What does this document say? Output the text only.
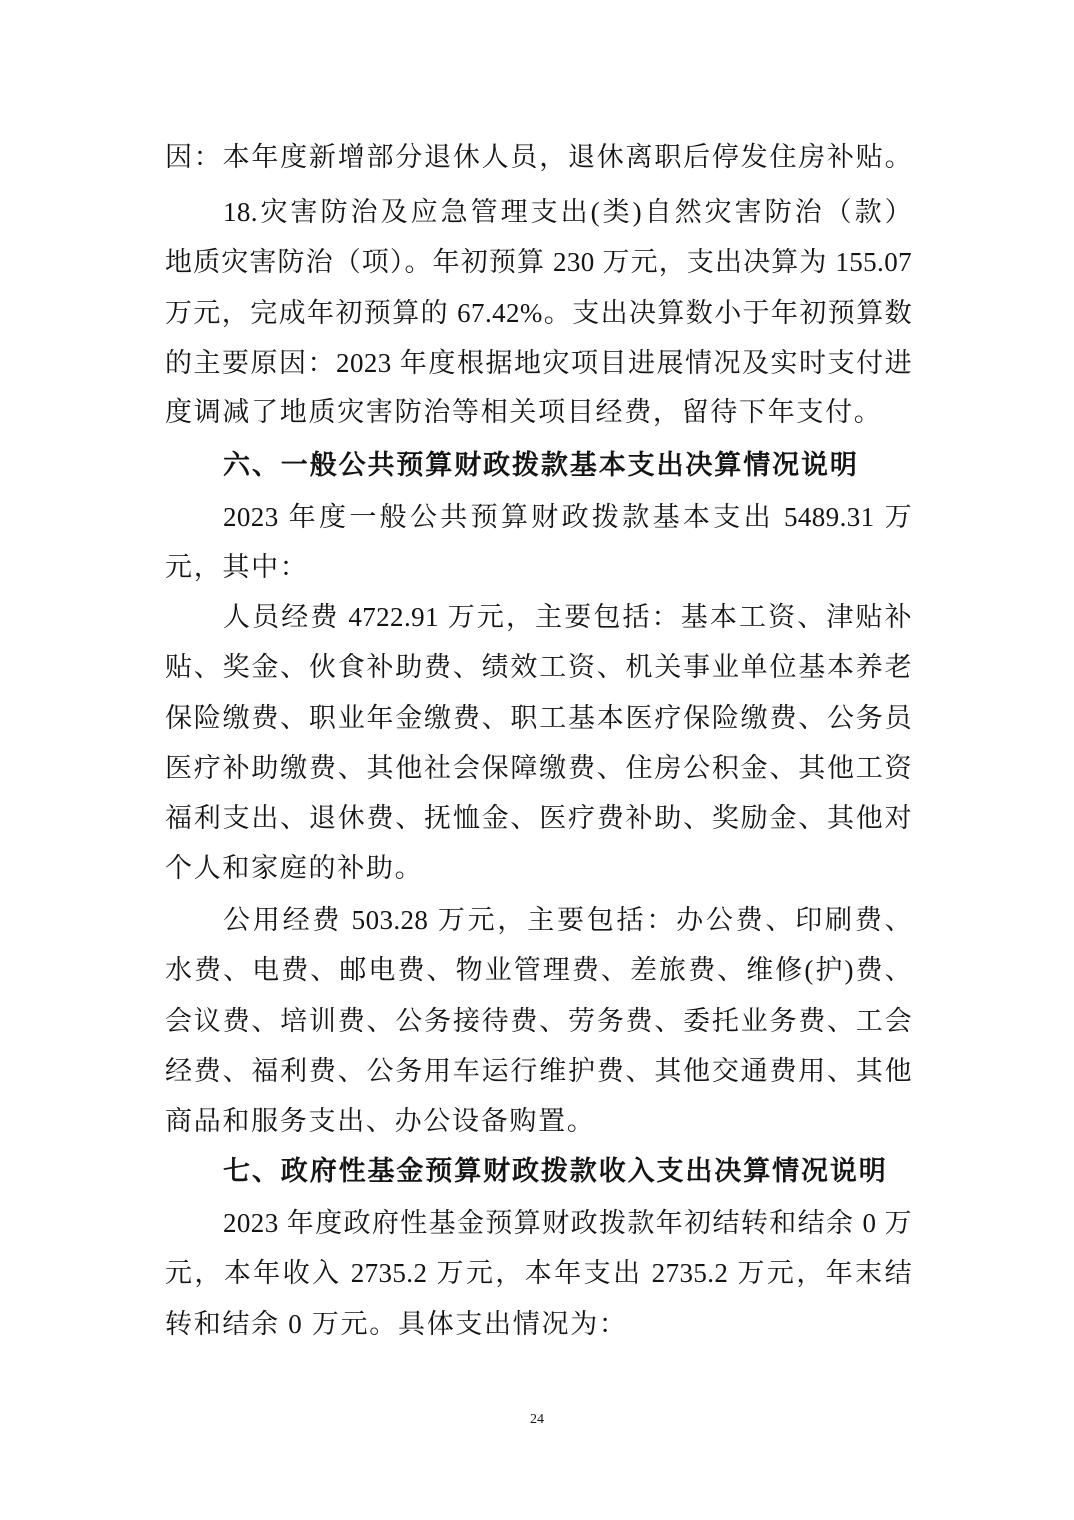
因：本年度新增部分退休人员，退休离职后停发住房补贴。
18.灾害防治及应急管理支出(类)自然灾害防治（款）
地质灾害防治（项）。年初预算 230 万元，支出决算为 155.07
万元，完成年初预算的 67.42%。支出决算数小于年初预算数
的主要原因：2023 年度根据地灾项目进展情况及实时支付进
度调减了地质灾害防治等相关项目经费，留待下年支付。
六、一般公共预算财政拨款基本支出决算情况说明
2023 年度一般公共预算财政拨款基本支出 5489.31 万
元，其中：
人员经费 4722.91 万元，主要包括：基本工资、津贴补
贴、奖金、伙食补助费、绩效工资、机关事业单位基本养老
保险缴费、职业年金缴费、职工基本医疗保险缴费、公务员
医疗补助缴费、其他社会保障缴费、住房公积金、其他工资
福利支出、退休费、抚恤金、医疗费补助、奖励金、其他对
个人和家庭的补助。
公用经费 503.28 万元，主要包括：办公费、印刷费、
水费、电费、邮电费、物业管理费、差旅费、维修(护)费、
会议费、培训费、公务接待费、劳务费、委托业务费、工会
经费、福利费、公务用车运行维护费、其他交通费用、其他
商品和服务支出、办公设备购置。
七、政府性基金预算财政拨款收入支出决算情况说明
2023 年度政府性基金预算财政拨款年初结转和结余 0 万
元，本年收入 2735.2 万元，本年支出 2735.2 万元，年末结
转和结余 0 万元。具体支出情况为：
24
